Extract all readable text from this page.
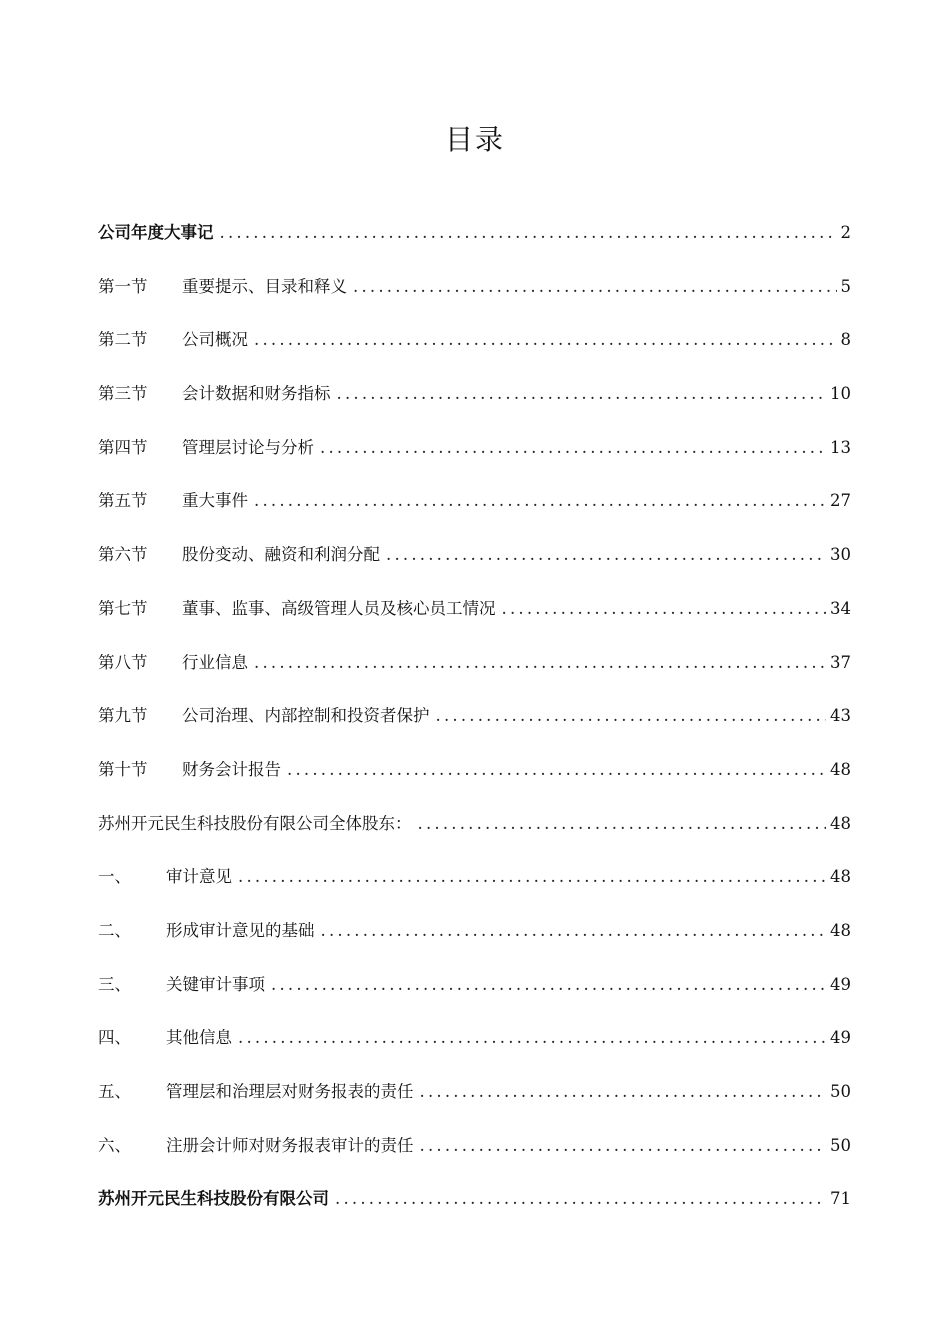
目录
公司年度大事记 .....	2
第一节	重要提示、目录和释义 .....	5
第二节	公司概况 .....	8
第三节	会计数据和财务指标 .....	10
第四节	管理层讨论与分析 .....	13
第五节	重大事件 .....	27
第六节	股份变动、融资和利润分配 .....	30
第七节	董事、监事、高级管理人员及核心员工情况 .....	34
第八节	行业信息 .....	37
第九节	公司治理、内部控制和投资者保护 .....	43
第十节	财务会计报告 .....	48
苏州开元民生科技股份有限公司全体股东： .....	48
一、	审计意见 .....	48
二、	形成审计意见的基础 .....	48
三、	关键审计事项 .....	49
四、	其他信息 .....	49
五、	管理层和治理层对财务报表的责任 .....	50
六、	注册会计师对财务报表审计的责任 .....	50
苏州开元民生科技股份有限公司 .....	71
